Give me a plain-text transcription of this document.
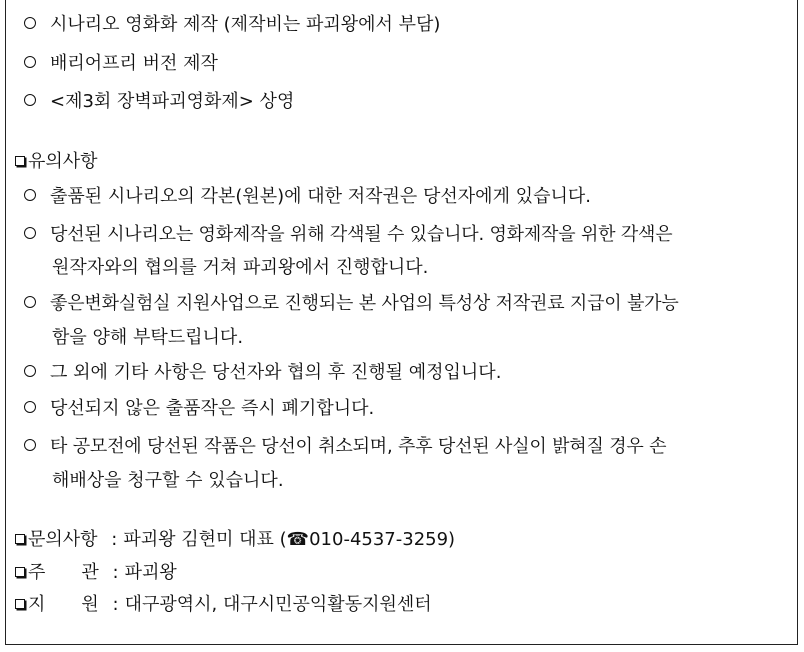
시나리오 영화화 제작 (제작비는 파괴왕에서 부담)
배리어프리 버전 제작
<제3회 장벽파괴영화제> 상영
유의사항
출품된 시나리오의 각본(원본)에 대한 저작권은 당선자에게 있습니다.
당선된 시나리오는 영화제작을 위해 각색될 수 있습니다. 영화제작을 위한 각색은
원작자와의 협의를 거쳐 파괴왕에서 진행합니다.
좋은변화실험실 지원사업으로 진행되는 본 사업의 특성상 저작권료 지급이 불가능
함을 양해 부탁드립니다.
그 외에 기타 사항은 당선자와 협의 후 진행될 예정입니다.
당선되지 않은 출품작은 즉시 폐기합니다.
타 공모전에 당선된 작품은 당선이 취소되며, 추후 당선된 사실이 밝혀질 경우 손
해배상을 청구할 수 있습니다.
문의사항 : 파괴왕 김현미 대표 (☎010-4537-3259)
주 관 : 파괴왕
지 원 : 대구광역시, 대구시민공익활동지원센터
